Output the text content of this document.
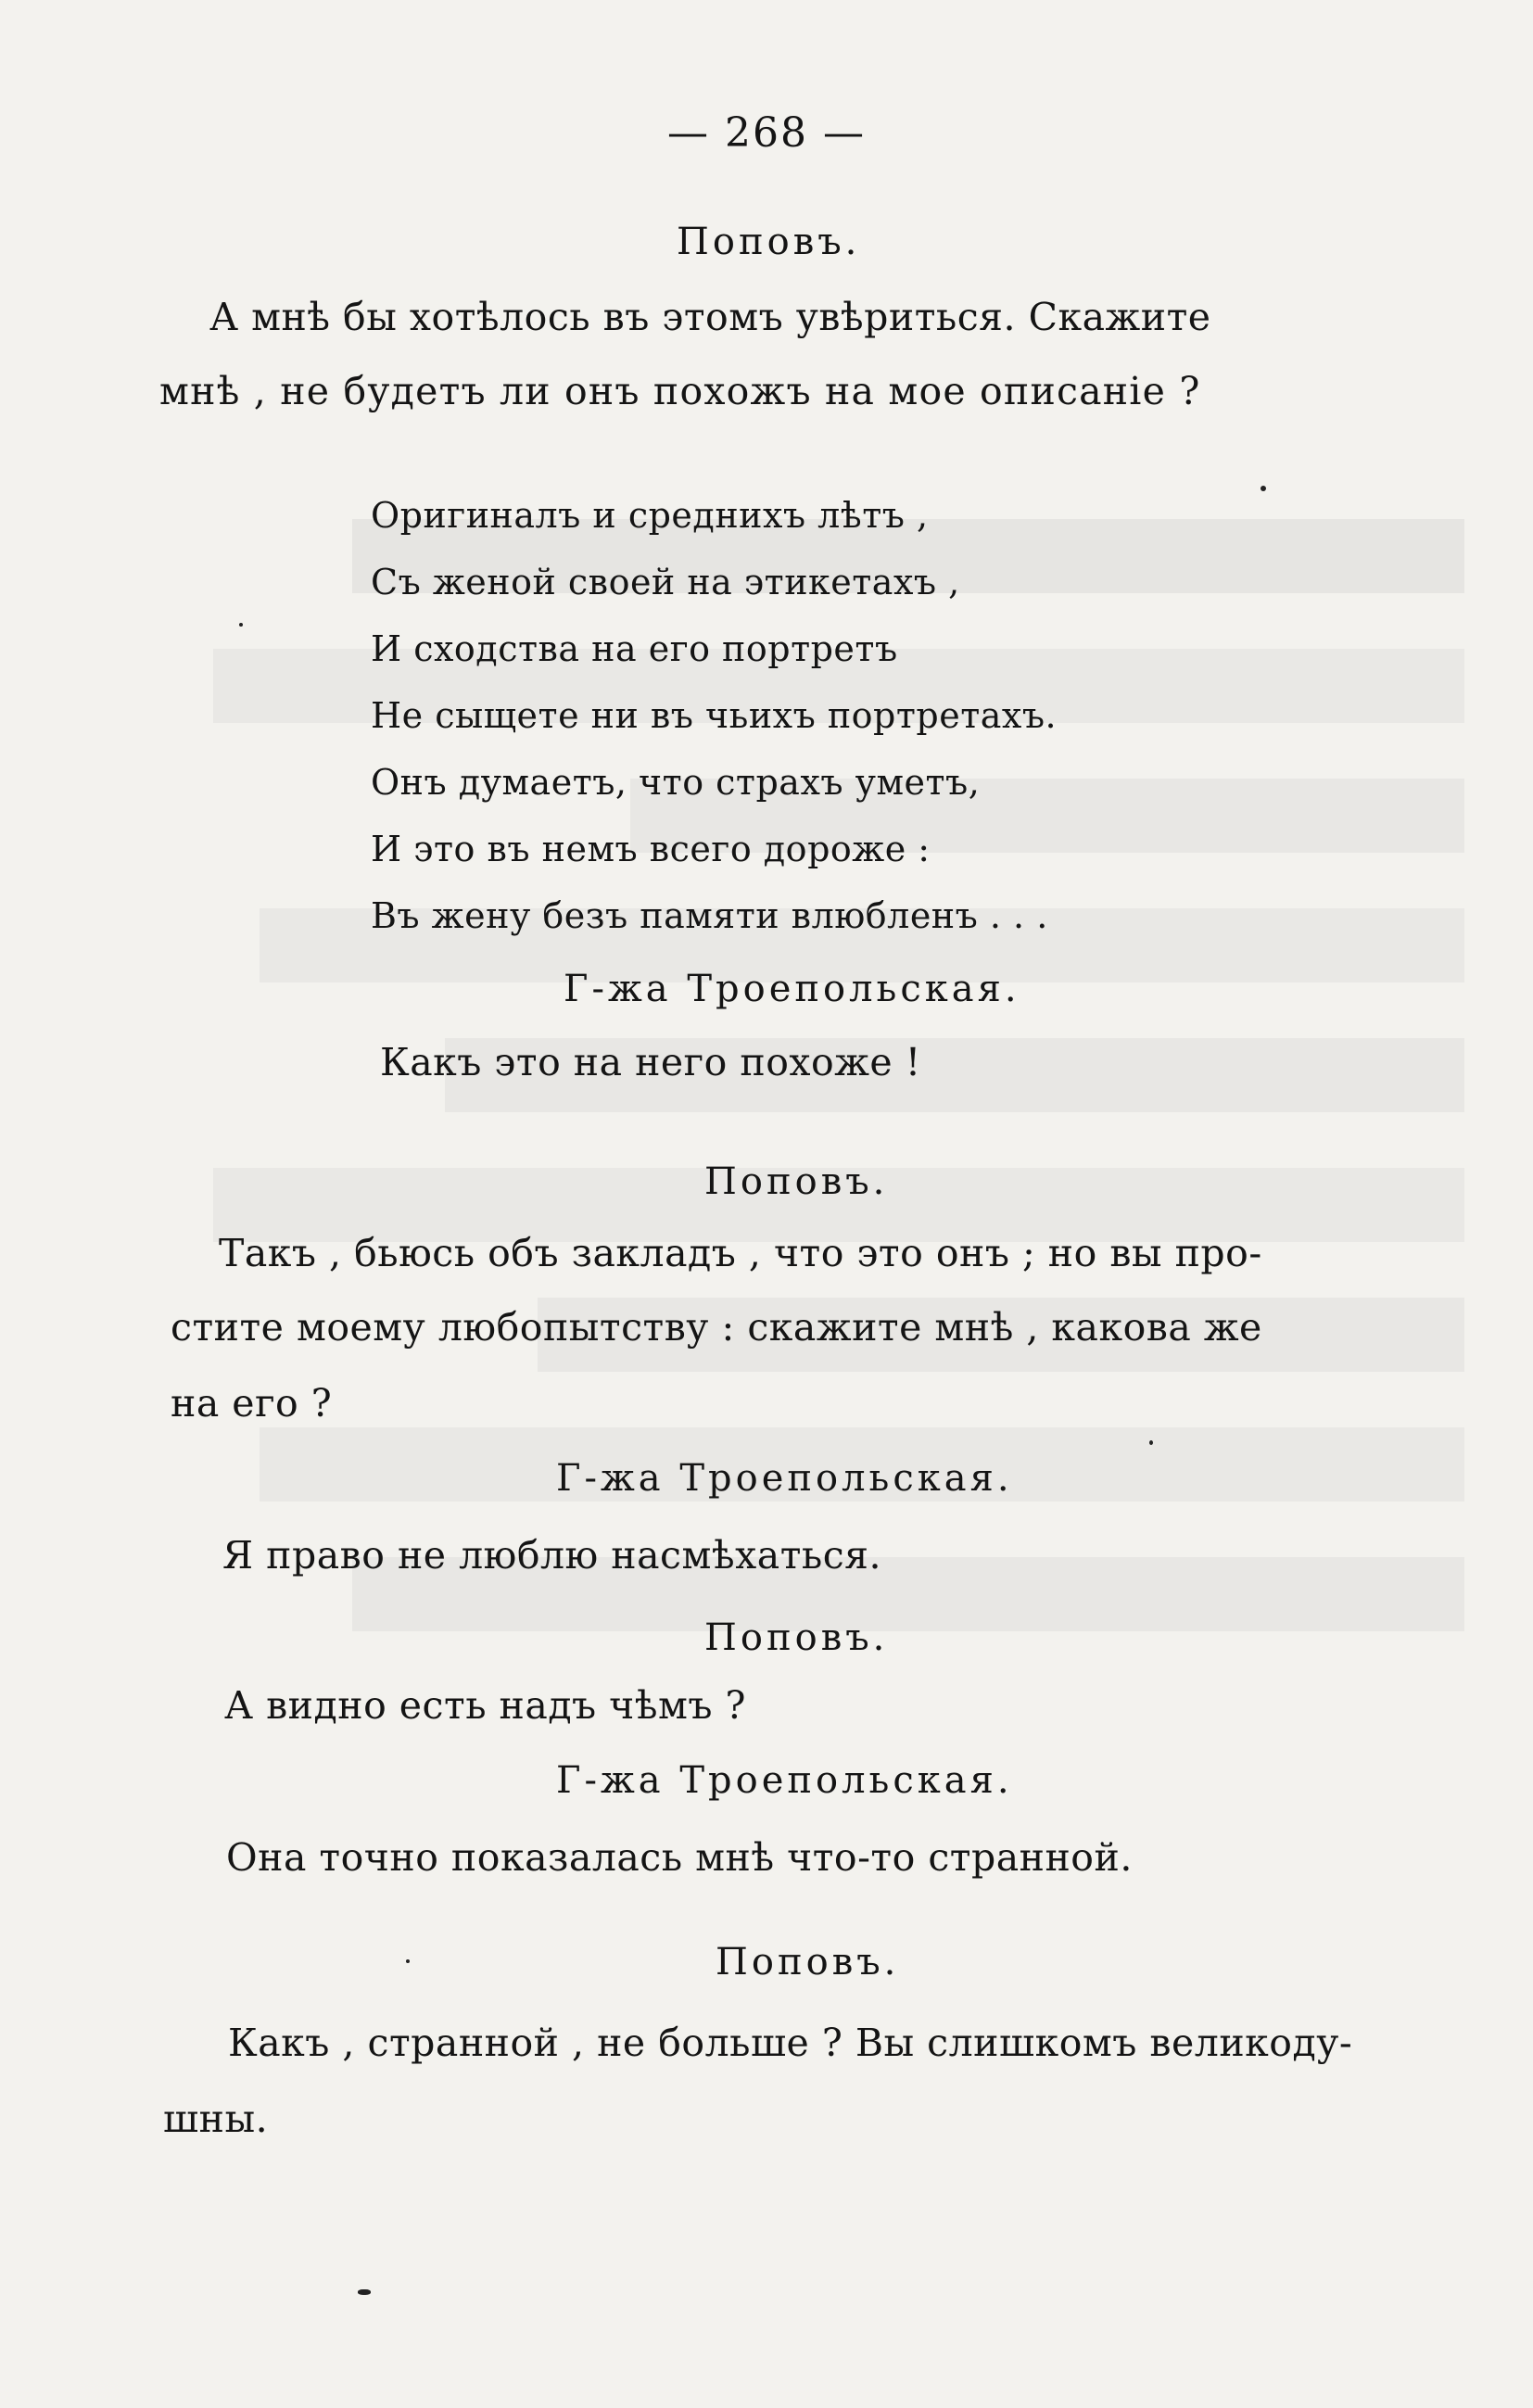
— 268 —
Поповъ.
А мнѣ бы хотѣлось въ этомъ увѣриться. Скажите
мнѣ , не будетъ ли онъ похожъ на мое описаніе ?
Оригиналъ и среднихъ лѣтъ ,
Съ женой своей на этикетахъ ,
И сходства на его портретъ
Не сыщете ни въ чьихъ портретахъ.
Онъ думаетъ, что страхъ уметъ,
И это въ немъ всего дороже :
Въ жену безъ памяти влюбленъ . . .
Г-жа Троепольская.
Какъ это на него похоже !
Поповъ.
Такъ , бьюсь объ закладъ , что это онъ ; но вы про-
стите моему любопытству : скажите мнѣ , какова же
на его ?
Г-жа Троепольская.
Я право не люблю насмѣхаться.
Поповъ.
А видно есть надъ чѣмъ ?
Г-жа Троепольская.
Она точно показалась мнѣ что-то странной.
Поповъ.
Какъ , странной , не больше ? Вы слишкомъ великоду-
шны.
